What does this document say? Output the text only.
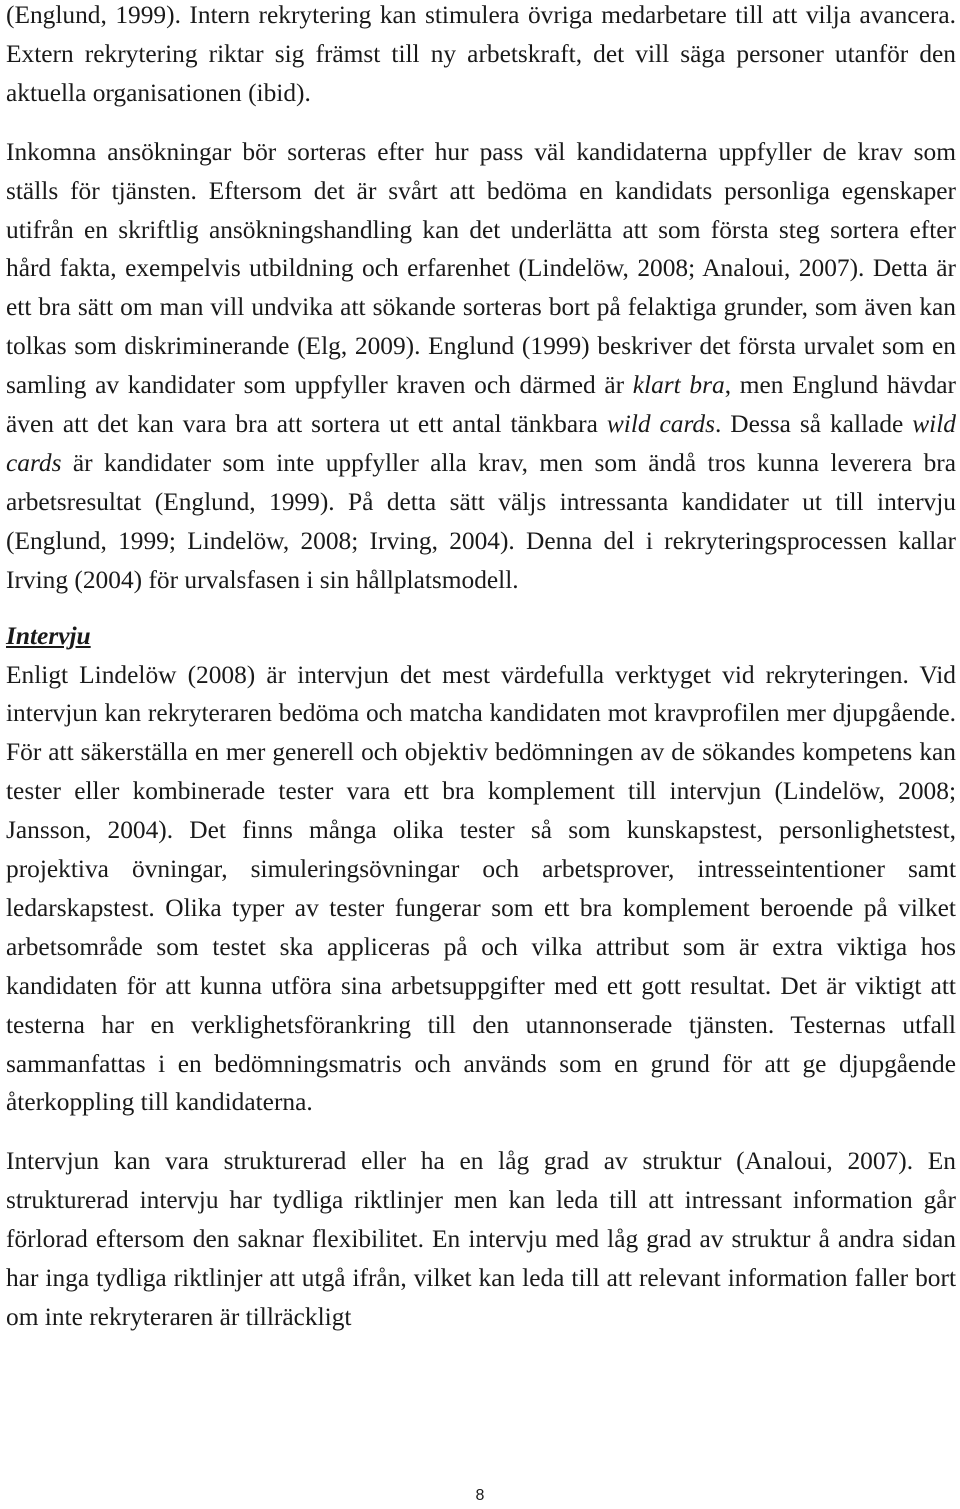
(Englund, 1999). Intern rekrytering kan stimulera övriga medarbetare till att vilja avancera. Extern rekrytering riktar sig främst till ny arbetskraft, det vill säga personer utanför den aktuella organisationen (ibid).

Inkomna ansökningar bör sorteras efter hur pass väl kandidaterna uppfyller de krav som ställs för tjänsten. Eftersom det är svårt att bedöma en kandidats personliga egenskaper utifrån en skriftlig ansökningshandling kan det underlätta att som första steg sortera efter hård fakta, exempelvis utbildning och erfarenhet (Lindelöw, 2008; Analoui, 2007). Detta är ett bra sätt om man vill undvika att sökande sorteras bort på felaktiga grunder, som även kan tolkas som diskriminerande (Elg, 2009). Englund (1999) beskriver det första urvalet som en samling av kandidater som uppfyller kraven och därmed är klart bra, men Englund hävdar även att det kan vara bra att sortera ut ett antal tänkbara wild cards. Dessa så kallade wild cards är kandidater som inte uppfyller alla krav, men som ändå tros kunna leverera bra arbetsresultat (Englund, 1999). På detta sätt väljs intressanta kandidater ut till intervju (Englund, 1999; Lindelöw, 2008; Irving, 2004). Denna del i rekryteringsprocessen kallar Irving (2004) för urvalsfasen i sin hållplatsmodell.

Intervju

Enligt Lindelöw (2008) är intervjun det mest värdefulla verktyget vid rekryteringen. Vid intervjun kan rekryteraren bedöma och matcha kandidaten mot kravprofilen mer djupgående. För att säkerställa en mer generell och objektiv bedömningen av de sökandes kompetens kan tester eller kombinerade tester vara ett bra komplement till intervjun (Lindelöw, 2008; Jansson, 2004). Det finns många olika tester så som kunskapstest, personlighetstest, projektiva övningar, simuleringsövningar och arbetsprover, intresseintentioner samt ledarskapstest. Olika typer av tester fungerar som ett bra komplement beroende på vilket arbetsområde som testet ska appliceras på och vilka attribut som är extra viktiga hos kandidaten för att kunna utföra sina arbetsuppgifter med ett gott resultat. Det är viktigt att testerna har en verklighetsförankring till den utannonserade tjänsten. Testernas utfall sammanfattas i en bedömningsmatris och används som en grund för att ge djupgående återkoppling till kandidaterna.

Intervjun kan vara strukturerad eller ha en låg grad av struktur (Analoui, 2007). En strukturerad intervju har tydliga riktlinjer men kan leda till att intressant information går förlorad eftersom den saknar flexibilitet. En intervju med låg grad av struktur å andra sidan har inga tydliga riktlinjer att utgå ifrån, vilket kan leda till att relevant information faller bort om inte rekryteraren är tillräckligt

8
